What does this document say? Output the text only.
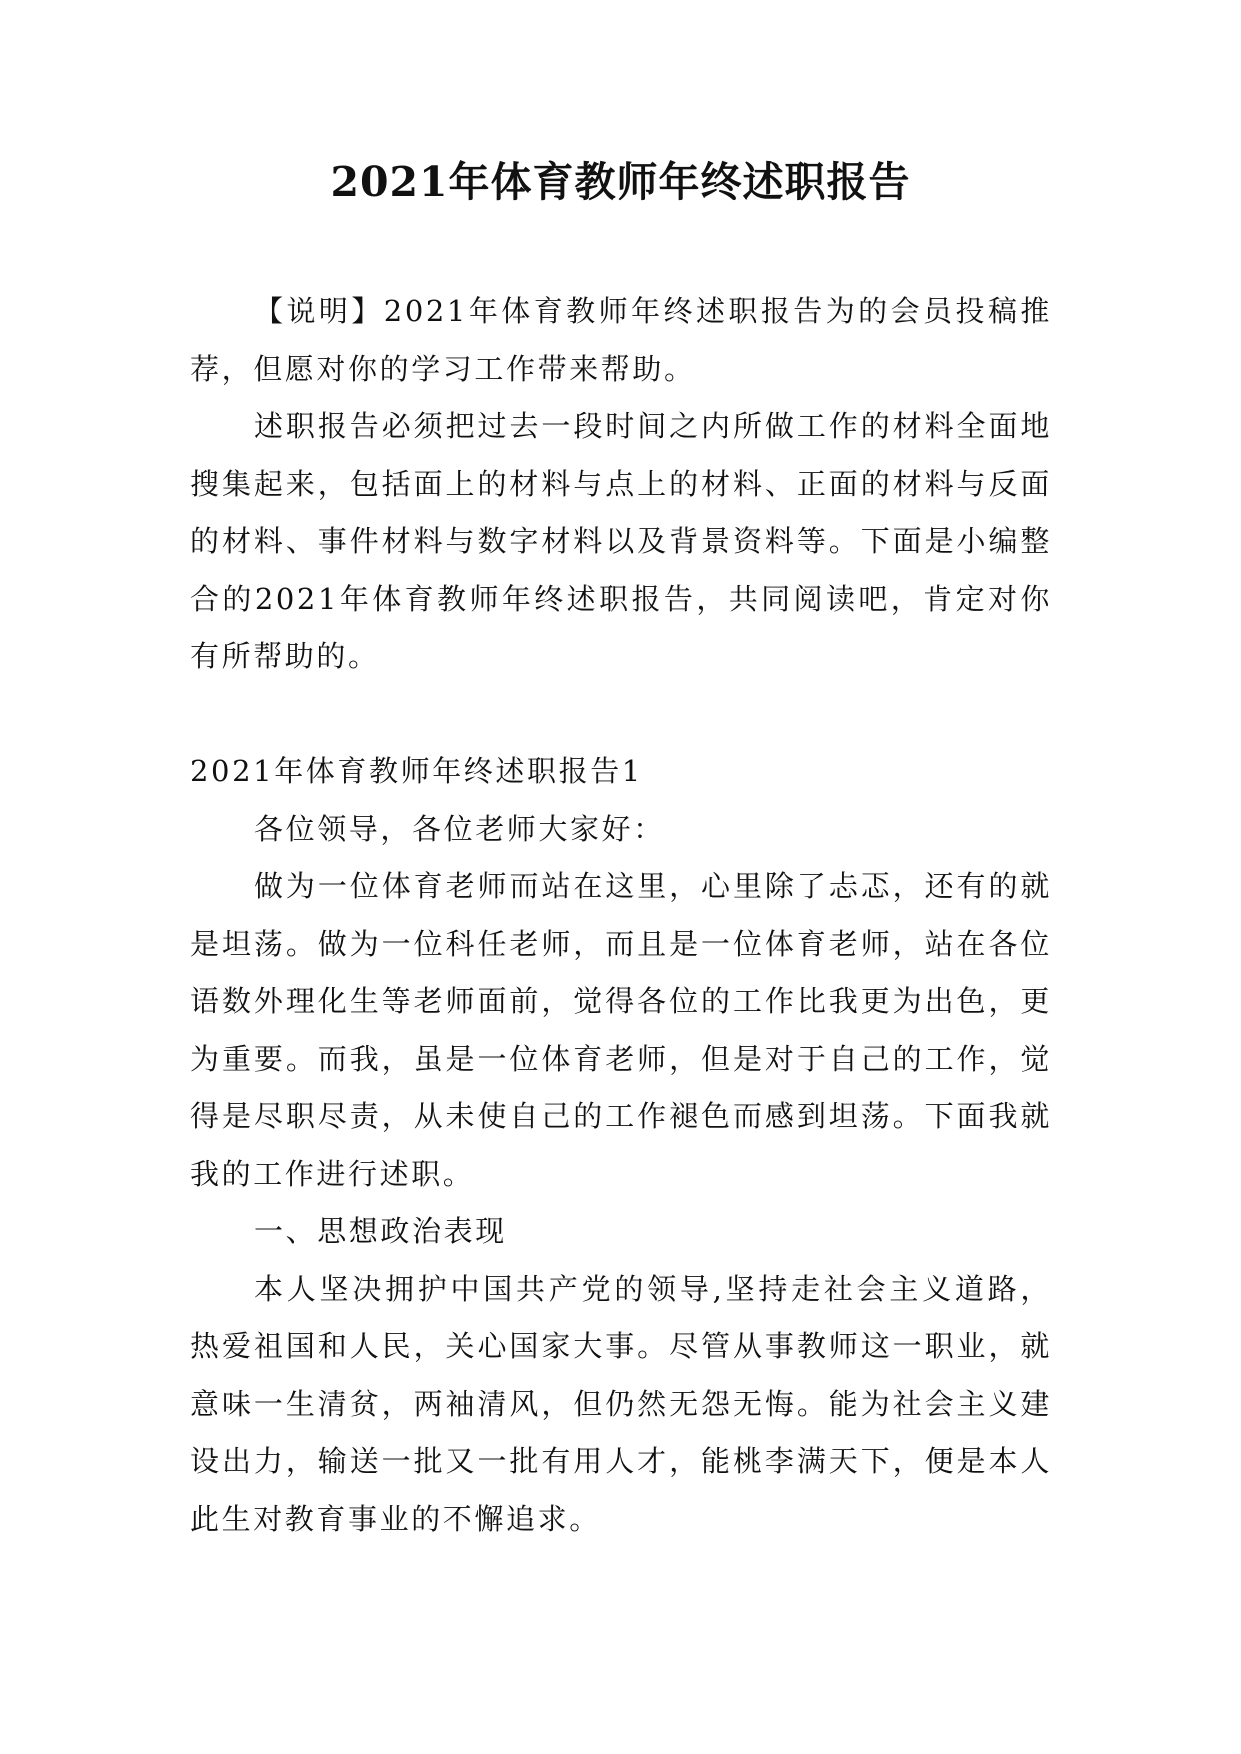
2021年体育教师年终述职报告

【说明】2021年体育教师年终述职报告为的会员投稿推荐，但愿对你的学习工作带来帮助。

述职报告必须把过去一段时间之内所做工作的材料全面地搜集起来，包括面上的材料与点上的材料、正面的材料与反面的材料、事件材料与数字材料以及背景资料等。下面是小编整合的2021年体育教师年终述职报告，共同阅读吧，肯定对你有所帮助的。

2021年体育教师年终述职报告1

各位领导，各位老师大家好：

做为一位体育老师而站在这里，心里除了忐忑，还有的就是坦荡。做为一位科任老师，而且是一位体育老师，站在各位语数外理化生等老师面前，觉得各位的工作比我更为出色，更为重要。而我，虽是一位体育老师，但是对于自己的工作，觉得是尽职尽责，从未使自己的工作褪色而感到坦荡。下面我就我的工作进行述职。

一、思想政治表现

本人坚决拥护中国共产党的领导,坚持走社会主义道路，热爱祖国和人民，关心国家大事。尽管从事教师这一职业，就意味一生清贫，两袖清风，但仍然无怨无悔。能为社会主义建设出力，输送一批又一批有用人才，能桃李满天下，便是本人此生对教育事业的不懈追求。
